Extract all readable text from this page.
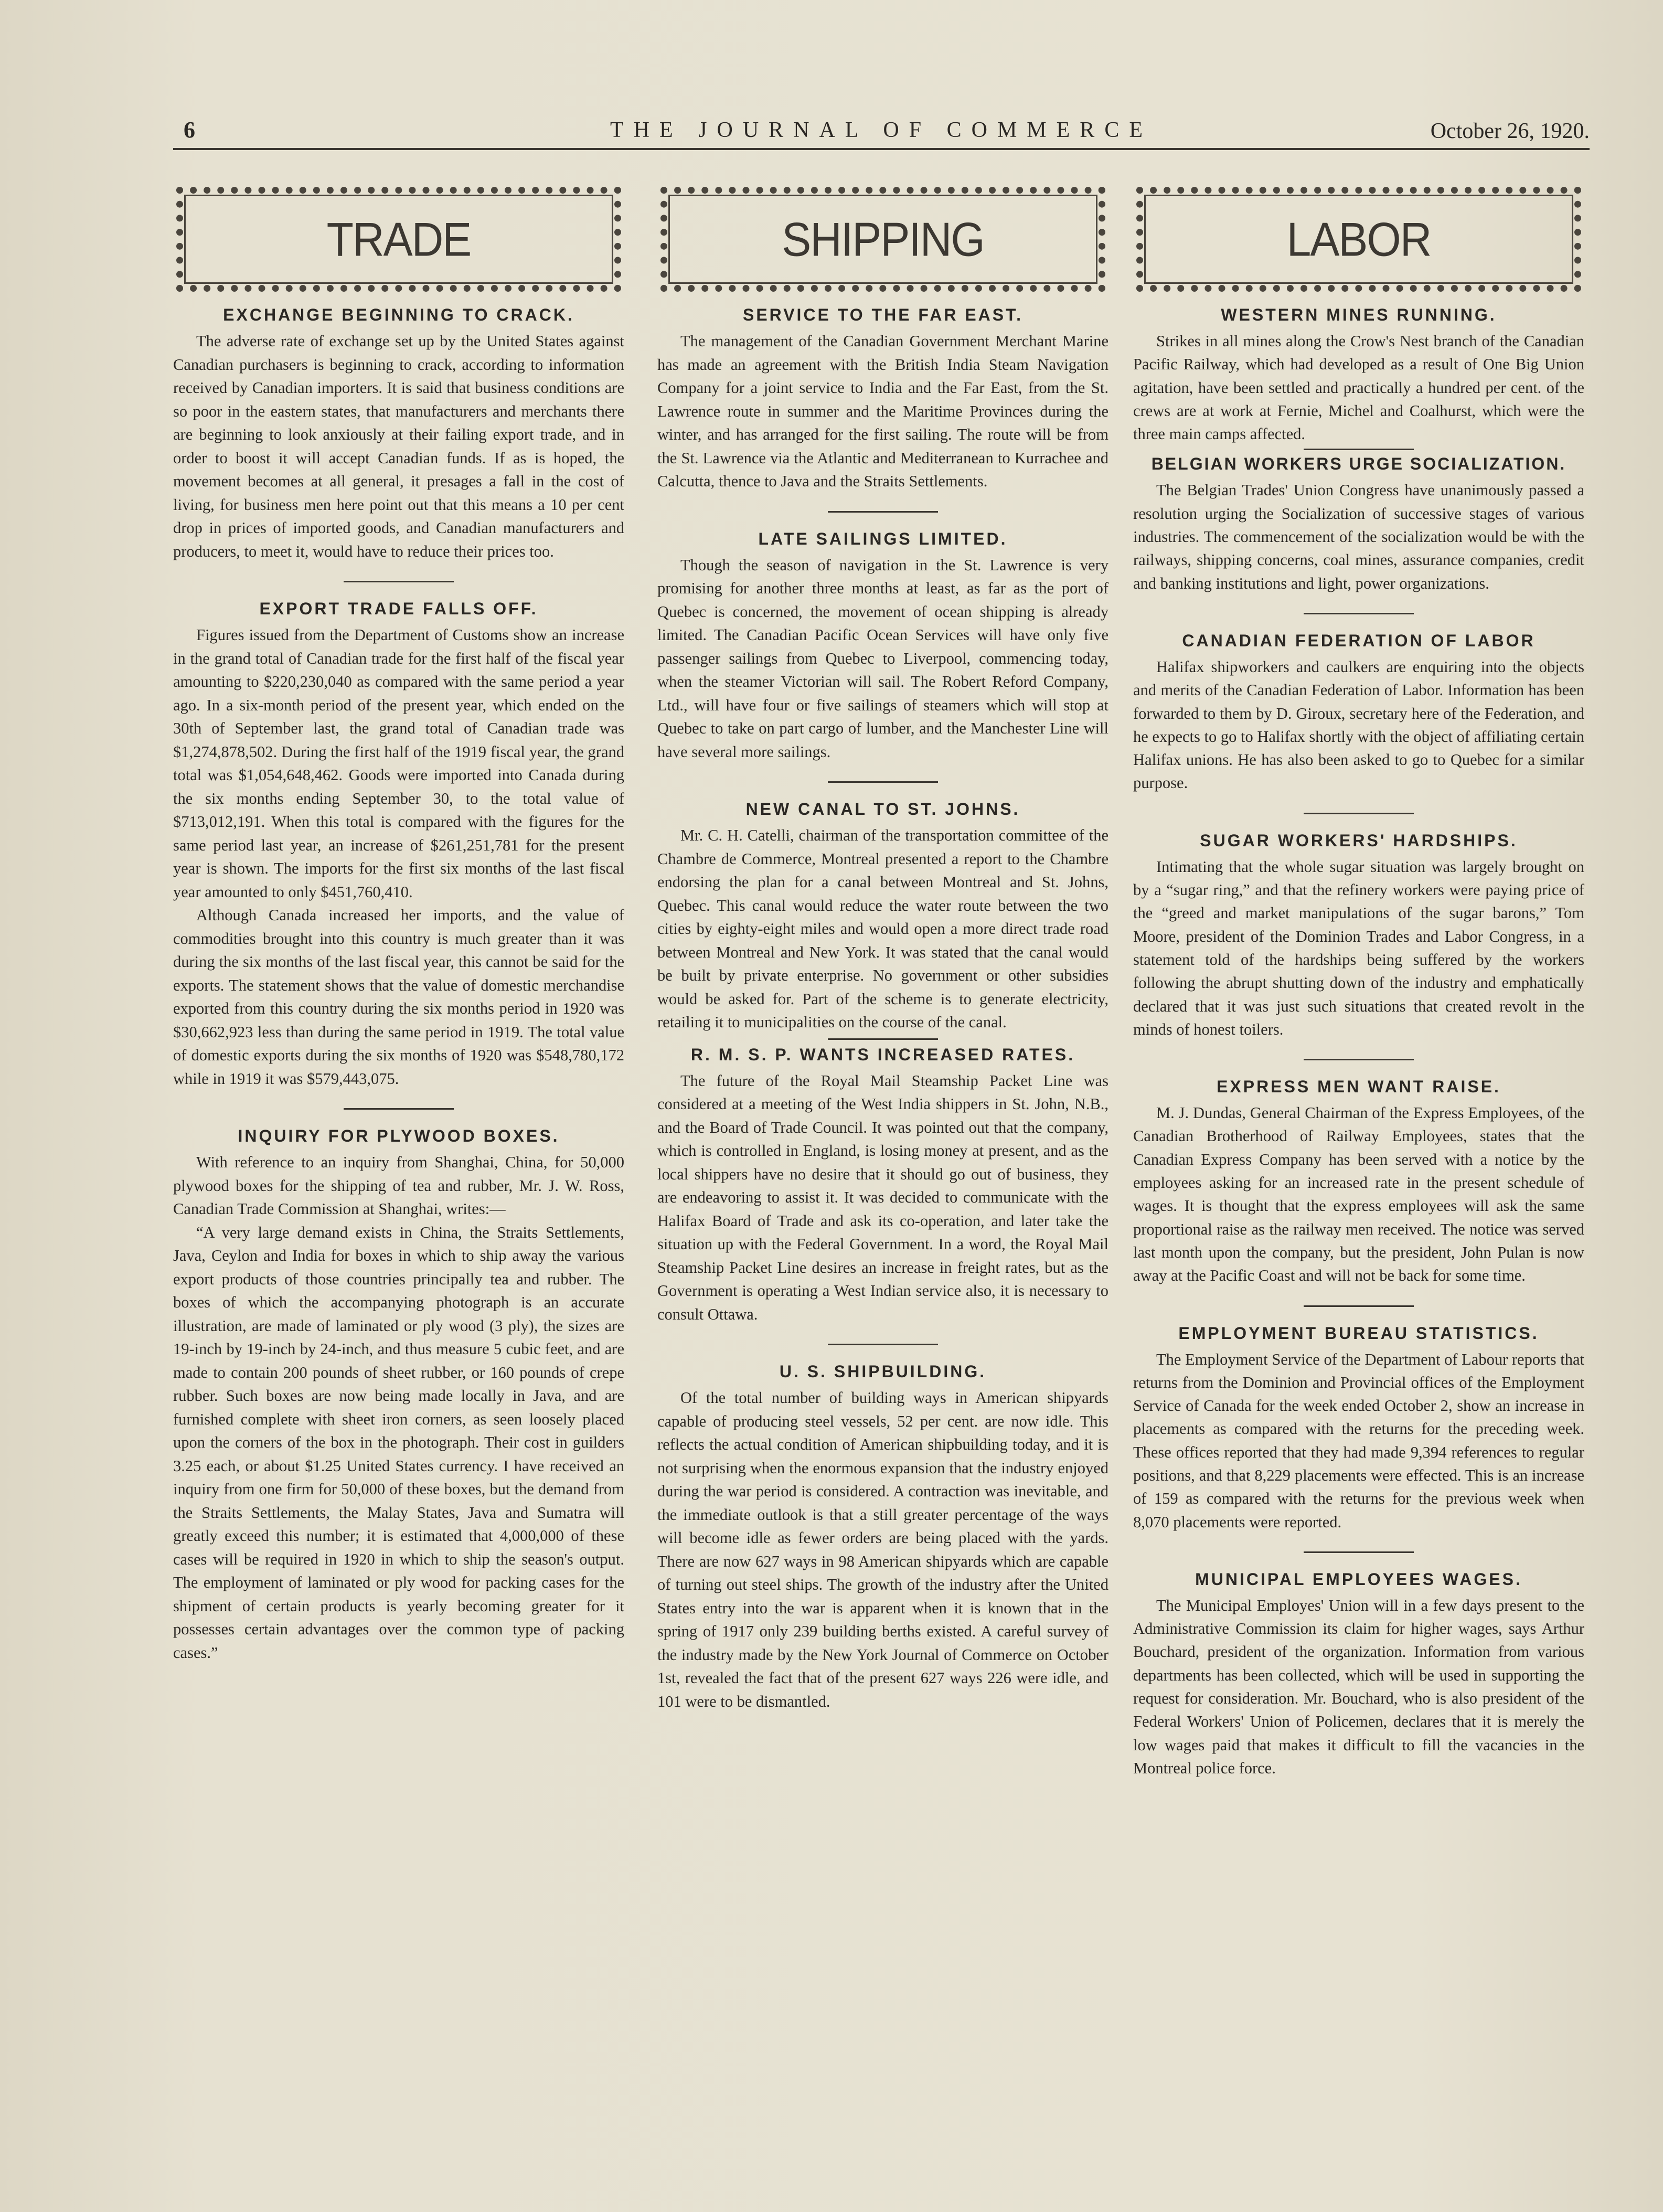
6	THE JOURNAL OF COMMERCE	October 26, 1920.
TRADE
EXCHANGE BEGINNING TO CRACK.

The adverse rate of exchange set up by the United States against Canadian purchasers is beginning to crack, according to information received by Canadian importers. It is said that business conditions are so poor in the eastern states, that manufacturers and merchants there are beginning to look anxiously at their failing export trade, and in order to boost it will accept Canadian funds. If as is hoped, the movement becomes at all general, it presages a fall in the cost of living, for business men here point out that this means a 10 per cent drop in prices of imported goods, and Canadian manufacturers and producers, to meet it, would have to reduce their prices too.

EXPORT TRADE FALLS OFF.

Figures issued from the Department of Customs show an increase in the grand total of Canadian trade for the first half of the fiscal year amounting to $220,230,040 as compared with the same period a year ago. In a six-month period of the present year, which ended on the 30th of September last, the grand total of Canadian trade was $1,274,878,502. During the first half of the 1919 fiscal year, the grand total was $1,054,648,462. Goods were imported into Canada during the six months ending September 30, to the total value of $713,012,191. When this total is compared with the figures for the same period last year, an increase of $261,251,781 for the present year is shown. The imports for the first six months of the last fiscal year amounted to only $451,760,410.

Although Canada increased her imports, and the value of commodities brought into this country is much greater than it was during the six months of the last fiscal year, this cannot be said for the exports. The statement shows that the value of domestic merchandise exported from this country during the six months period in 1920 was $30,662,923 less than during the same period in 1919. The total value of domestic exports during the six months of 1920 was $548,780,172 while in 1919 it was $579,443,075.

INQUIRY FOR PLYWOOD BOXES.

With reference to an inquiry from Shanghai, China, for 50,000 plywood boxes for the shipping of tea and rubber, Mr. J. W. Ross, Canadian Trade Commission at Shanghai, writes:—

“A very large demand exists in China, the Straits Settlements, Java, Ceylon and India for boxes in which to ship away the various export products of those countries principally tea and rubber. The boxes of which the accompanying photograph is an accurate illustration, are made of laminated or ply wood (3 ply), the sizes are 19-inch by 19-inch by 24-inch, and thus measure 5 cubic feet, and are made to contain 200 pounds of sheet rubber, or 160 pounds of crepe rubber. Such boxes are now being made locally in Java, and are furnished complete with sheet iron corners, as seen loosely placed upon the corners of the box in the photograph. Their cost in guilders 3.25 each, or about $1.25 United States currency. I have received an inquiry from one firm for 50,000 of these boxes, but the demand from the Straits Settlements, the Malay States, Java and Sumatra will greatly exceed this number; it is estimated that 4,000,000 of these cases will be required in 1920 in which to ship the season's output. The employment of laminated or ply wood for packing cases for the shipment of certain products is yearly becoming greater for it possesses certain advantages over the common type of packing cases.”

SHIPPING
SERVICE TO THE FAR EAST.

The management of the Canadian Government Merchant Marine has made an agreement with the British India Steam Navigation Company for a joint service to India and the Far East, from the St. Lawrence route in summer and the Maritime Provinces during the winter, and has arranged for the first sailing. The route will be from the St. Lawrence via the Atlantic and Mediterranean to Kurrachee and Calcutta, thence to Java and the Straits Settlements.

LATE SAILINGS LIMITED.

Though the season of navigation in the St. Lawrence is very promising for another three months at least, as far as the port of Quebec is concerned, the movement of ocean shipping is already limited. The Canadian Pacific Ocean Services will have only five passenger sailings from Quebec to Liverpool, commencing today, when the steamer Victorian will sail. The Robert Reford Company, Ltd., will have four or five sailings of steamers which will stop at Quebec to take on part cargo of lumber, and the Manchester Line will have several more sailings.

NEW CANAL TO ST. JOHNS.

Mr. C. H. Catelli, chairman of the transportation committee of the Chambre de Commerce, Montreal presented a report to the Chambre endorsing the plan for a canal between Montreal and St. Johns, Quebec. This canal would reduce the water route between the two cities by eighty-eight miles and would open a more direct trade road between Montreal and New York. It was stated that the canal would be built by private enterprise. No government or other subsidies would be asked for. Part of the scheme is to generate electricity, retailing it to municipalities on the course of the canal.

R. M. S. P. WANTS INCREASED RATES.

The future of the Royal Mail Steamship Packet Line was considered at a meeting of the West India shippers in St. John, N.B., and the Board of Trade Council. It was pointed out that the company, which is controlled in England, is losing money at present, and as the local shippers have no desire that it should go out of business, they are endeavoring to assist it. It was decided to communicate with the Halifax Board of Trade and ask its co-operation, and later take the situation up with the Federal Government. In a word, the Royal Mail Steamship Packet Line desires an increase in freight rates, but as the Government is operating a West Indian service also, it is necessary to consult Ottawa.

U. S. SHIPBUILDING.

Of the total number of building ways in American shipyards capable of producing steel vessels, 52 per cent. are now idle. This reflects the actual condition of American shipbuilding today, and it is not surprising when the enormous expansion that the industry enjoyed during the war period is considered. A contraction was inevitable, and the immediate outlook is that a still greater percentage of the ways will become idle as fewer orders are being placed with the yards. There are now 627 ways in 98 American shipyards which are capable of turning out steel ships. The growth of the industry after the United States entry into the war is apparent when it is known that in the spring of 1917 only 239 building berths existed. A careful survey of the industry made by the New York Journal of Commerce on October 1st, revealed the fact that of the present 627 ways 226 were idle, and 101 were to be dismantled.

LABOR
WESTERN MINES RUNNING.

Strikes in all mines along the Crow's Nest branch of the Canadian Pacific Railway, which had developed as a result of One Big Union agitation, have been settled and practically a hundred per cent. of the crews are at work at Fernie, Michel and Coalhurst, which were the three main camps affected.

BELGIAN WORKERS URGE SOCIALIZATION.

The Belgian Trades' Union Congress have unanimously passed a resolution urging the Socialization of successive stages of various industries. The commencement of the socialization would be with the railways, shipping concerns, coal mines, assurance companies, credit and banking institutions and light, power organizations.

CANADIAN FEDERATION OF LABOR

Halifax shipworkers and caulkers are enquiring into the objects and merits of the Canadian Federation of Labor. Information has been forwarded to them by D. Giroux, secretary here of the Federation, and he expects to go to Halifax shortly with the object of affiliating certain Halifax unions. He has also been asked to go to Quebec for a similar purpose.

SUGAR WORKERS' HARDSHIPS.

Intimating that the whole sugar situation was largely brought on by a “sugar ring,” and that the refinery workers were paying price of the “greed and market manipulations of the sugar barons,” Tom Moore, president of the Dominion Trades and Labor Congress, in a statement told of the hardships being suffered by the workers following the abrupt shutting down of the industry and emphatically declared that it was just such situations that created revolt in the minds of honest toilers.

EXPRESS MEN WANT RAISE.

M. J. Dundas, General Chairman of the Express Employees, of the Canadian Brotherhood of Railway Employees, states that the Canadian Express Company has been served with a notice by the employees asking for an increased rate in the present schedule of wages. It is thought that the express employees will ask the same proportional raise as the railway men received. The notice was served last month upon the company, but the president, John Pulan is now away at the Pacific Coast and will not be back for some time.

EMPLOYMENT BUREAU STATISTICS.

The Employment Service of the Department of Labour reports that returns from the Dominion and Provincial offices of the Employment Service of Canada for the week ended October 2, show an increase in placements as compared with the returns for the preceding week. These offices reported that they had made 9,394 references to regular positions, and that 8,229 placements were effected. This is an increase of 159 as compared with the returns for the previous week when 8,070 placements were reported.

MUNICIPAL EMPLOYEES WAGES.

The Municipal Employes' Union will in a few days present to the Administrative Commission its claim for higher wages, says Arthur Bouchard, president of the organization. Information from various departments has been collected, which will be used in supporting the request for consideration. Mr. Bouchard, who is also president of the Federal Workers' Union of Policemen, declares that it is merely the low wages paid that makes it difficult to fill the vacancies in the Montreal police force.
